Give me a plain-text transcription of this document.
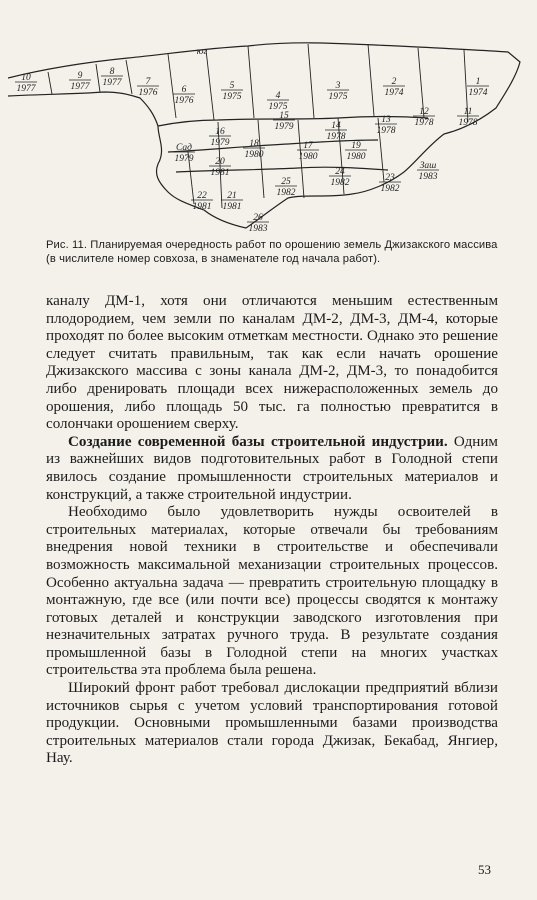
10
1977
9
1977
8
1977	7
1976
юг
6
1976
5
1975	4
1975
3
1975
2
1974
1
1974
15
1979	14
1978
13
1978
12
1978
11
1978
16
1979
Сад
1979
18
1980
17
1980
19
1980
20
1981	24
1982	23
1982
Заш
1983
22
1981
21
1981
25
1982
26
1983
Рис. 11. Планируемая очередность работ по орошению земель Джизакского массива (в числителе номер совхоза, в знаменателе год начала работ).

каналу ДМ-1, хотя они отличаются меньшим естественным плодородием, чем земли по каналам ДМ-2, ДМ-3, ДМ-4, которые проходят по более высоким отметкам местности. Однако это решение следует считать правильным, так как если начать орошение Джизакского массива с зоны канала ДМ-2, ДМ-3, то понадобится либо дренировать площади всех нижерасположенных земель до орошения, либо площадь 50 тыс. га полностью превратится в солончаки орошением сверху.

Создание современной базы строительной индустрии. Одним из важнейших видов подготовительных работ в Голодной степи явилось создание промышленности строительных материалов и конструкций, а также строительной индустрии.

Необходимо было удовлетворить нужды освоителей в строительных материалах, которые отвечали бы требованиям внедрения новой техники в строительстве и обеспечивали возможность максимальной механизации строительных процессов. Особенно актуальна задача — превратить строительную площадку в монтажную, где все (или почти все) процессы сводятся к монтажу готовых деталей и конструкции заводского изготовления при незначительных затратах ручного труда. В результате создания промышленной базы в Голодной степи на многих участках строительства эта проблема была решена.

Широкий фронт работ требовал дислокации предприятий вблизи источников сырья с учетом условий транспортирования готовой продукции. Основными промышленными базами производства строительных материалов стали города Джизак, Бекабад, Янгиер, Нау.

53
